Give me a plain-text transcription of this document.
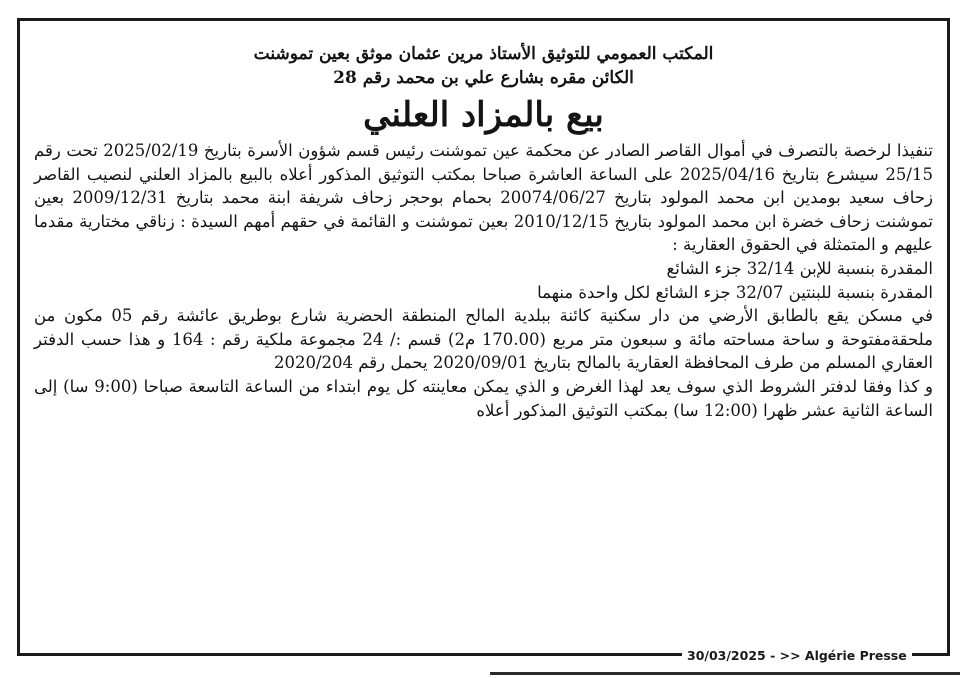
المكتب العمومي للتوثيق الأستاذ مرين عثمان موثق بعين تموشنت

الكائن مقره بشارع علي بن محمد رقم 28

بيع بالمزاد العلني

تنفيذا لرخصة بالتصرف في أموال القاصر الصادر عن محكمة عين تموشنت رئيس قسم شؤون الأسرة بتاريخ 2025/02/19 تحت رقم 25/15 سيشرع بتاريخ 2025/04/16 على الساعة العاشرة صباحا بمكتب التوثيق المذكور أعلاه بالبيع بالمزاد العلني لنصيب القاصر زحاف سعيد بومدين ابن محمد المولود بتاريخ 20074/06/27 بحمام بوحجر زحاف شريفة ابنة محمد بتاريخ 2009/12/31 بعين تموشنت زحاف خضرة ابن محمد المولود بتاريخ 2010/12/15 بعين تموشنت و القائمة في حقهم أمهم السيدة : زناقي مختارية مقدما عليهم و المتمثلة في الحقوق العقارية :

المقدرة بنسبة للإبن 32/14 جزء الشائع

المقدرة بنسبة للبنتين 32/07 جزء الشائع لكل واحدة منهما

في مسكن يقع بالطابق الأرضي من دار سكنية كائنة ببلدية المالح المنطقة الحضرية شارع بوطريق عائشة رقم 05 مكون من ملحقةمفتوحة و ساحة مساحته مائة و سبعون متر مربع (170.00 م2) قسم :/ 24 مجموعة ملكية رقم : 164 و هذا حسب الدفتر العقاري المسلم من طرف المحافظة العقارية بالمالح بتاريخ 2020/09/01 يحمل رقم 2020/204

و كذا وفقا لدفتر الشروط الذي سوف يعد لهذا الغرض و الذي يمكن معاينته كل يوم ابتداء من الساعة التاسعة صباحا (9:00 سا) إلى الساعة الثانية عشر ظهرا (12:00 سا) بمكتب التوثيق المذكور أعلاه

30/03/2025 - >> Algérie Presse
